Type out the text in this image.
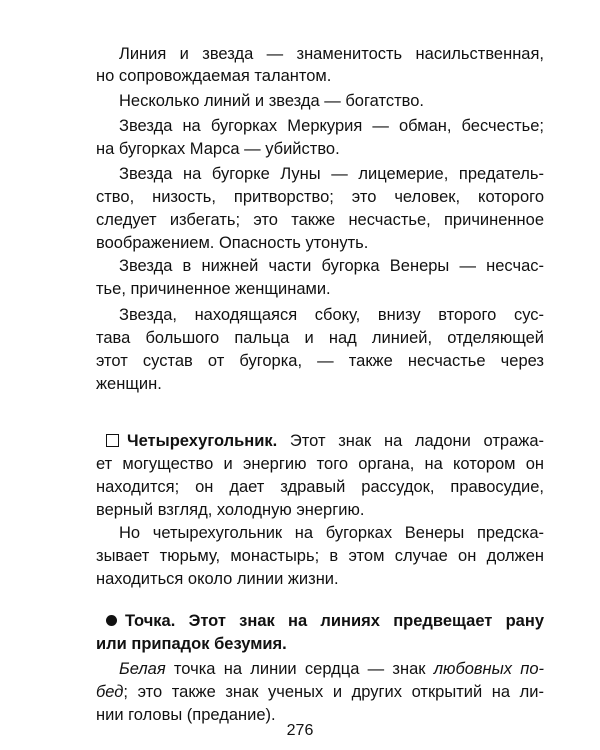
Линия и звезда — знаменитость насильственная,
но сопровождаемая талантом.
Несколько линий и звезда — богатство.
Звезда на бугорках Меркурия — обман, бесчестье;
на бугорках Марса — убийство.
Звезда на бугорке Луны — лицемерие, предатель-
ство, низость, притворство; это человек, которого
следует избегать; это также несчастье, причиненное
воображением. Опасность утонуть.
Звезда в нижней части бугорка Венеры — несчас-
тье, причиненное женщинами.
Звезда, находящаяся сбоку, внизу второго сус-
тава большого пальца и над линией, отделяющей
этот сустав от бугорка, — также несчастье через
женщин.
Четырехугольник. Этот знак на ладони отража-
ет могущество и энергию того органа, на котором он
находится; он дает здравый рассудок, правосудие,
верный взгляд, холодную энергию.
Но четырехугольник на бугорках Венеры предска-
зывает тюрьму, монастырь; в этом случае он должен
находиться около линии жизни.
Точка. Этот знак на линиях предвещает рану
или припадок безумия.
Белая точка на линии сердца — знак любовных по-
бед; это также знак ученых и других открытий на ли-
нии головы (предание).
276
